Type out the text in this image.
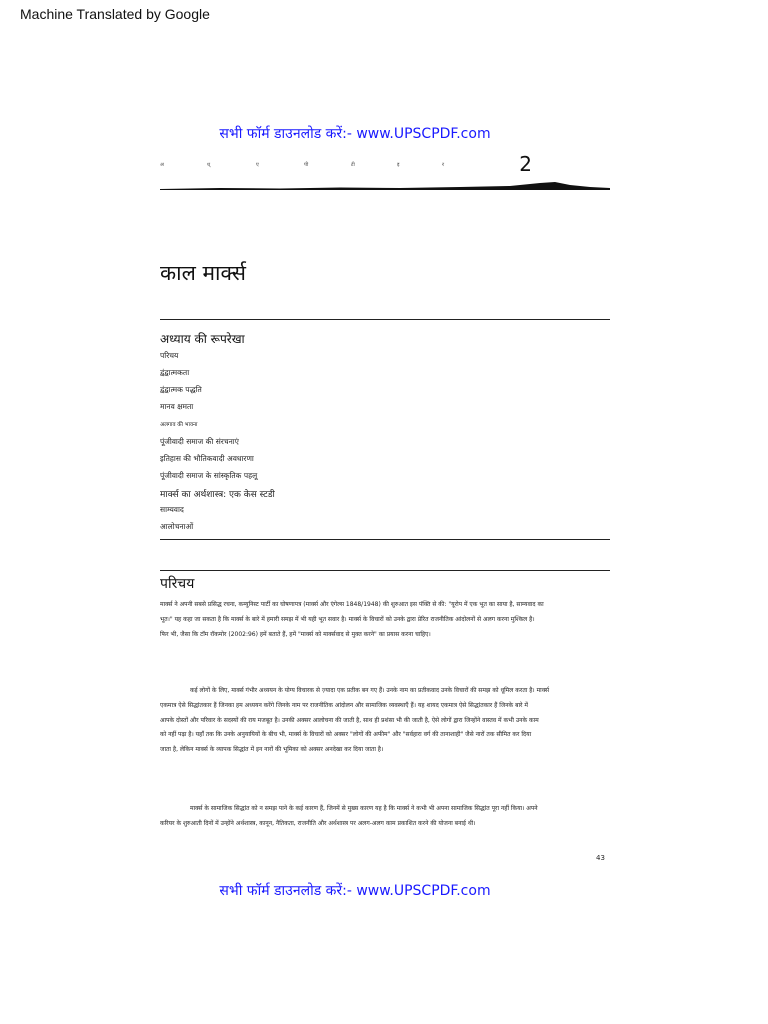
Machine Translated by Google
सभी फॉर्म डाउनलोड करें:- www.UPSCPDF.com
अ	ध्	ए	पी	टी	इ	र	2
काल मार्क्स
अध्याय की रूपरेखा
परिचय
द्वंद्वात्मकता
द्वंद्वात्मक पद्धति
मानव क्षमता
अलगाव की भावना
पूंजीवादी समाज की संरचनाएं
इतिहास की भौतिकवादी अवधारणा
पूंजीवादी समाज के सांस्कृतिक पहलू
मार्क्स का अर्थशास्त्र: एक केस स्टडी
साम्यवाद
आलोचनाओं
परिचय

मार्क्स ने अपनी सबसे प्रसिद्ध रचना, कम्युनिस्ट पार्टी का घोषणापत्र (मार्क्स और एंगेल्स 1848/1948) की शुरुआत इस पंक्ति से की: "यूरोप में एक भूत का साया है, साम्यवाद का
भूत।" यह कहा जा सकता है कि मार्क्स के बारे में हमारी समझ में भी यही भूत सवार है। मार्क्स के विचारों को उनके द्वारा प्रेरित राजनीतिक आंदोलनों से अलग करना मुश्किल है।
फिर भी, जैसा कि टॉम रॉकमोर (2002:96) हमें बताते हैं, हमें "मार्क्स को मार्क्सवाद से मुक्त करने" का प्रयास करना चाहिए।

कई लोगों के लिए, मार्क्स गंभीर अध्ययन के योग्य विचारक से ज़्यादा एक प्रतीक बन गए हैं। उनके नाम का प्रतीकवाद उनके विचारों की समझ को धूमिल करता है। मार्क्स
एकमात्र ऐसे सिद्धांतकार हैं जिनका हम अध्ययन करेंगे जिनके नाम पर राजनीतिक आंदोलन और सामाजिक व्यवस्थाएँ हैं। यह शायद एकमात्र ऐसे सिद्धांतकार हैं जिनके बारे में
आपके दोस्तों और परिवार के सदस्यों की राय मजबूत है। उनकी अक्सर आलोचना की जाती है, साथ ही प्रशंसा भी की जाती है, ऐसे लोगों द्वारा जिन्होंने वास्तव में कभी उनके काम
को नहीं पढ़ा है। यहाँ तक कि उनके अनुयायियों के बीच भी, मार्क्स के विचारों को अक्सर "लोगों की अफीम" और "सर्वहारा वर्ग की तानाशाही" जैसे नारों तक सीमित कर दिया
जाता है, लेकिन मार्क्स के व्यापक सिद्धांत में इन नारों की भूमिका को अक्सर अनदेखा कर दिया जाता है।

मार्क्स के सामाजिक सिद्धांत को न समझ पाने के कई कारण हैं, जिनमें से मुख्य कारण यह है कि मार्क्स ने कभी भी अपना सामाजिक सिद्धांत पूरा नहीं किया। अपने
करियर के शुरुआती दिनों में उन्होंने अर्थशास्त्र, कानून, नैतिकता, राजनीति और अर्थशास्त्र पर अलग-अलग काम प्रकाशित करने की योजना बनाई थी।

43
सभी फॉर्म डाउनलोड करें:- www.UPSCPDF.com
